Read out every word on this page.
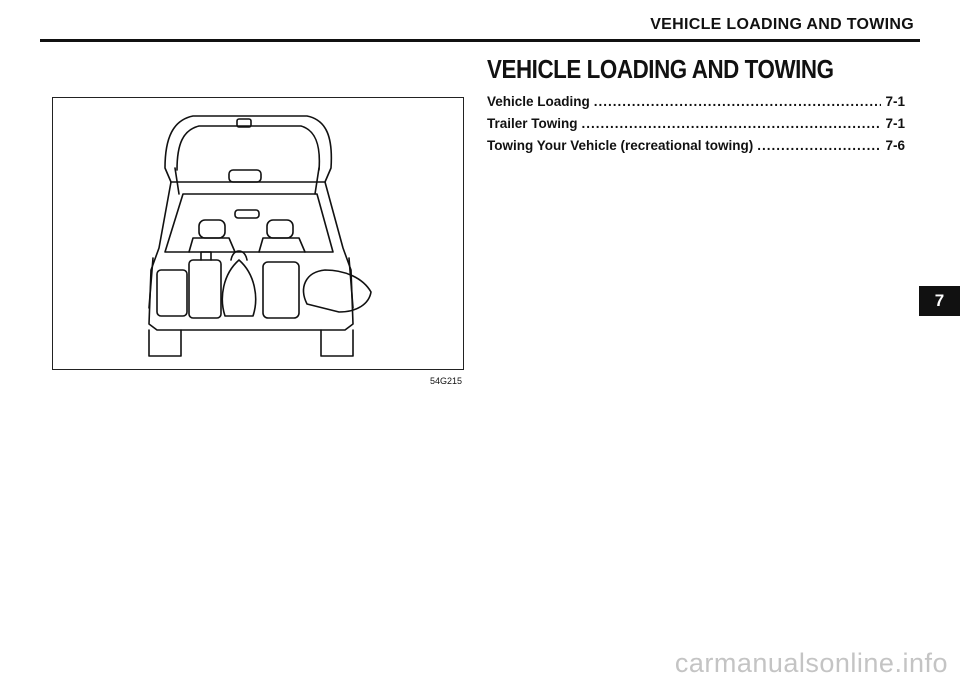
VEHICLE LOADING AND TOWING
VEHICLE LOADING AND TOWING
Vehicle Loading .....	7-1
Trailer Towing .....	7-1
Towing Your Vehicle (recreational towing) .....	7-6
54G215
7
carmanualsonline.info
